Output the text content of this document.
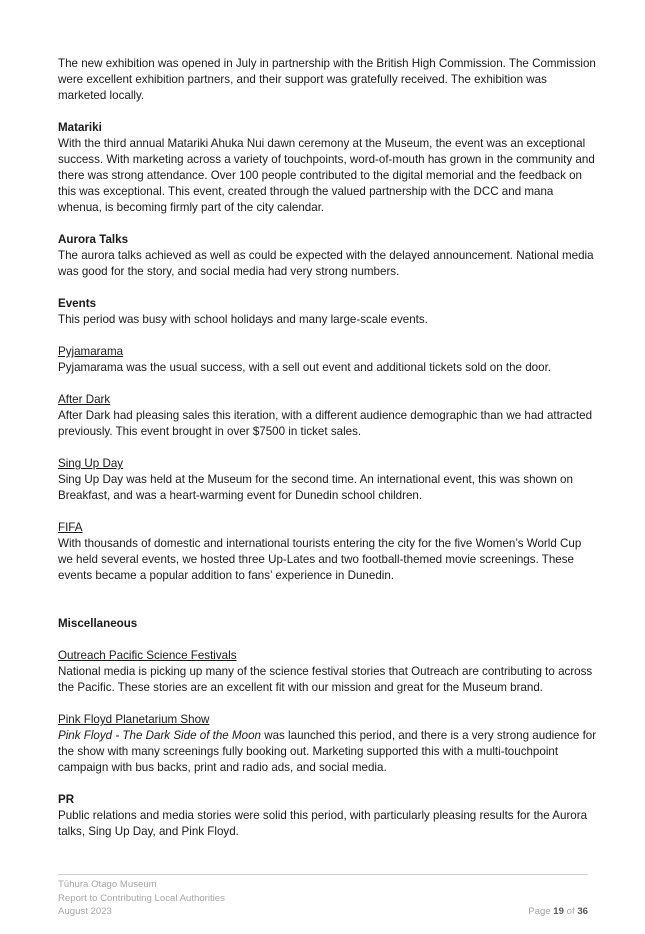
The new exhibition was opened in July in partnership with the British High Commission. The Commission were excellent exhibition partners, and their support was gratefully received. The exhibition was marketed locally.

Matariki

With the third annual Matariki Ahuka Nui dawn ceremony at the Museum, the event was an exceptional success. With marketing across a variety of touchpoints, word-of-mouth has grown in the community and there was strong attendance. Over 100 people contributed to the digital memorial and the feedback on this was exceptional. This event, created through the valued partnership with the DCC and mana whenua, is becoming firmly part of the city calendar.

Aurora Talks

The aurora talks achieved as well as could be expected with the delayed announcement. National media was good for the story, and social media had very strong numbers.

Events

This period was busy with school holidays and many large-scale events.

Pyjamarama

Pyjamarama was the usual success, with a sell out event and additional tickets sold on the door.

After Dark

After Dark had pleasing sales this iteration, with a different audience demographic than we had attracted previously. This event brought in over $7500 in ticket sales.

Sing Up Day

Sing Up Day was held at the Museum for the second time. An international event, this was shown on Breakfast, and was a heart-warming event for Dunedin school children.

FIFA

With thousands of domestic and international tourists entering the city for the five Women’s World Cup we held several events, we hosted three Up-Lates and two football-themed movie screenings. These events became a popular addition to fans’ experience in Dunedin.

Miscellaneous

Outreach Pacific Science Festivals

National media is picking up many of the science festival stories that Outreach are contributing to across the Pacific. These stories are an excellent fit with our mission and great for the Museum brand.

Pink Floyd Planetarium Show

Pink Floyd - The Dark Side of the Moon was launched this period, and there is a very strong audience for the show with many screenings fully booking out. Marketing supported this with a multi-touchpoint campaign with bus backs, print and radio ads, and social media.

PR

Public relations and media stories were solid this period, with particularly pleasing results for the Aurora talks, Sing Up Day, and Pink Floyd.

Tūhura Otago Museum
Report to Contributing Local Authorities
August 2023	Page 19 of 36
